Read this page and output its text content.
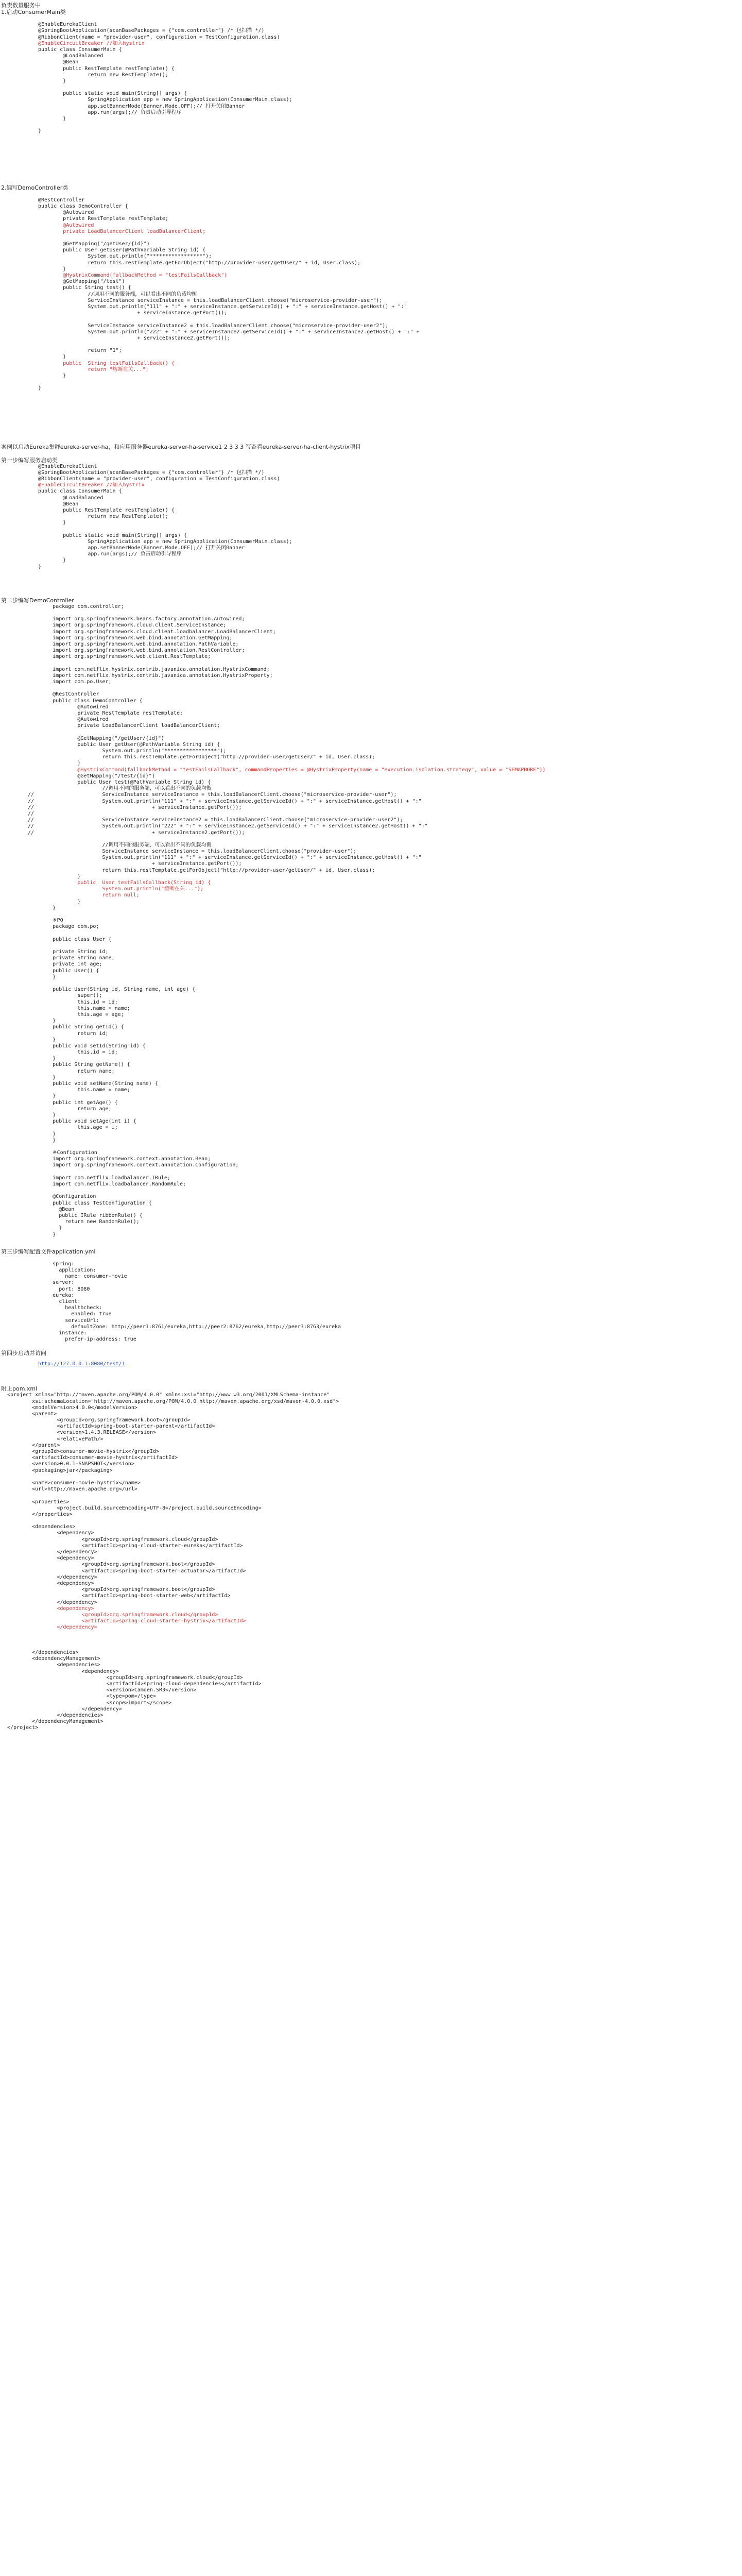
负责数量服务中
1.启动ConsumerMain类
@EnableEurekaClient
@SpringBootApplication(scanBasePackages = {"com.controller"} /* 包扫描 */)
@RibbonClient(name = "provider-user", configuration = TestConfiguration.class)
@EnableCircuitBreaker //加入hystrix
public class ConsumerMain {
@LoadBalanced
@Bean
public RestTemplate restTemplate() {
return new RestTemplate();
}
public static void main(String[] args) {
SpringApplication app = new SpringApplication(ConsumerMain.class);
app.setBannerMode(Banner.Mode.OFF);// 打开关闭Banner
app.run(args);// 负责启动引导程序
}
}
2.编写DemoController类
@RestController
public class DemoController {
@Autowired
private RestTemplate restTemplate;
@Autowired
private LoadBalancerClient loadBalancerClient;
@GetMapping("/getUser/{id}")
public User getUser(@PathVariable String id) {
System.out.println("*****************");
return this.restTemplate.getForObject("http://provider-user/getUser/" + id, User.class);
}
@HystrixCommand(fallbackMethod = "testFailsCallback")
@GetMapping("/test")
public String test() {
//调用不同的服务端，可以看出不同的负载均衡
ServiceInstance serviceInstance = this.loadBalancerClient.choose("microservice-provider-user");
System.out.println("111" + ":" + serviceInstance.getServiceId() + ":" + serviceInstance.getHost() + ":"
+ serviceInstance.getPort());
ServiceInstance serviceInstance2 = this.loadBalancerClient.choose("microservice-provider-user2");
System.out.println("222" + ":" + serviceInstance2.getServiceId() + ":" + serviceInstance2.getHost() + ":" +
+ serviceInstance2.getPort());
return "1";
}
public  String testFailsCallback() {
return "熔断在关...";
}
}
案例以启动Eureka集群eureka-server-ha，和应用服务器eureka-server-ha-service1 2 3 3 3 写查看eureka-server-ha-client-hystrix项目
第一步编写服务启动类
@EnableEurekaClient
@SpringBootApplication(scanBasePackages = {"com.controller"} /* 包扫描 */)
@RibbonClient(name = "provider-user", configuration = TestConfiguration.class)
@EnableCircuitBreaker //加入hystrix
public class ConsumerMain {
@LoadBalanced
@Bean
public RestTemplate restTemplate() {
return new RestTemplate();
}
public static void main(String[] args) {
SpringApplication app = new SpringApplication(ConsumerMain.class);
app.setBannerMode(Banner.Mode.OFF);// 打开关闭Banner
app.run(args);// 负责启动引导程序
}
}
第二步编写DemoController
package com.controller;
import org.springframework.beans.factory.annotation.Autowired;
import org.springframework.cloud.client.ServiceInstance;
import org.springframework.cloud.client.loadbalancer.LoadBalancerClient;
import org.springframework.web.bind.annotation.GetMapping;
import org.springframework.web.bind.annotation.PathVariable;
import org.springframework.web.bind.annotation.RestController;
import org.springframework.web.client.RestTemplate;
import com.netflix.hystrix.contrib.javanica.annotation.HystrixCommand;
import com.netflix.hystrix.contrib.javanica.annotation.HystrixProperty;
import com.po.User;
@RestController
public class DemoController {
@Autowired
private RestTemplate restTemplate;
@Autowired
private LoadBalancerClient loadBalancerClient;
@GetMapping("/getUser/{id}")
public User getUser(@PathVariable String id) {
System.out.println("*****************");
return this.restTemplate.getForObject("http://provider-user/getUser/" + id, User.class);
}
@HystrixCommand(fallbackMethod = "testFailsCallback", commandProperties = @HystrixProperty(name = "execution.isolation.strategy", value = "SEMAPHORE"))
@GetMapping("/test/{id}")
public User test(@PathVariable String id) {
//调用不同的服务端，可以看出不同的负载均衡
//                      ServiceInstance serviceInstance = this.loadBalancerClient.choose("microservice-provider-user");
//                      System.out.println("111" + ":" + serviceInstance.getServiceId() + ":" + serviceInstance.getHost() + ":"
//                                      + serviceInstance.getPort());
//
//                      ServiceInstance serviceInstance2 = this.loadBalancerClient.choose("microservice-provider-user2");
//                      System.out.println("222" + ":" + serviceInstance2.getServiceId() + ":" + serviceInstance2.getHost() + ":"
//                                      + serviceInstance2.getPort());
//调用不同的服务端，可以看出不同的负载均衡
ServiceInstance serviceInstance = this.loadBalancerClient.choose("provider-user");
System.out.println("111" + ":" + serviceInstance.getServiceId() + ":" + serviceInstance.getHost() + ":"
+ serviceInstance.getPort());
return this.restTemplate.getForObject("http://provider-user/getUser/" + id, User.class);
}
public  User testFailsCallback(String id) {
System.out.println("熔断在关...");
return null;
}
}
※PO
package com.po;
public class User {
private String id;
private String name;
private int age;
public User() {
}
public User(String id, String name, int age) {
super();
this.id = id;
this.name = name;
this.age = age;
}
public String getId() {
return id;
}
public void setId(String id) {
this.id = id;
}
public String getName() {
return name;
}
public void setName(String name) {
this.name = name;
}
public int getAge() {
return age;
}
public void setAge(int i) {
this.age = i;
}
}
※Configuration
import org.springframework.context.annotation.Bean;
import org.springframework.context.annotation.Configuration;
import com.netflix.loadbalancer.IRule;
import com.netflix.loadbalancer.RandomRule;
@Configuration
public class TestConfiguration {
@Bean
public IRule ribbonRule() {
return new RandomRule();
}
}
第三步编写配置文件application.yml
spring:
application:
name: consumer-movie
server:
port: 8080
eureka:
client:
healthcheck:
enabled: true
serviceUrl:
defaultZone: http://peer1:8761/eureka,http://peer2:8762/eureka,http://peer3:8763/eureka
instance:
prefer-ip-address: true
第四步启动并访问
http://127.0.0.1:8080/test/1
附上pom.xml
<project xmlns="http://maven.apache.org/POM/4.0.0" xmlns:xsi="http://www.w3.org/2001/XMLSchema-instance"
xsi:schemaLocation="http://maven.apache.org/POM/4.0.0 http://maven.apache.org/xsd/maven-4.0.0.xsd">
<modelVersion>4.0.0</modelVersion>
<parent>
<groupId>org.springframework.boot</groupId>
<artifactId>spring-boot-starter-parent</artifactId>
<version>1.4.3.RELEASE</version>
<relativePath/>
</parent>
<groupId>consumer-movie-hystrix</groupId>
<artifactId>consumer-movie-hystrix</artifactId>
<version>0.0.1-SNAPSHOT</version>
<packaging>jar</packaging>
<name>consumer-movie-hystrix</name>
<url>http://maven.apache.org</url>
<properties>
<project.build.sourceEncoding>UTF-8</project.build.sourceEncoding>
</properties>
<dependencies>
<dependency>
<groupId>org.springframework.cloud</groupId>
<artifactId>spring-cloud-starter-eureka</artifactId>
</dependency>
<dependency>
<groupId>org.springframework.boot</groupId>
<artifactId>spring-boot-starter-actuator</artifactId>
</dependency>
<dependency>
<groupId>org.springframework.boot</groupId>
<artifactId>spring-boot-starter-web</artifactId>
</dependency>
<dependency>
<groupId>org.springframework.cloud</groupId>
<artifactId>spring-cloud-starter-hystrix</artifactId>
</dependency>
</dependencies>
<dependencyManagement>
<dependencies>
<dependency>
<groupId>org.springframework.cloud</groupId>
<artifactId>spring-cloud-dependencies</artifactId>
<version>Camden.SR3</version>
<type>pom</type>
<scope>import</scope>
</dependency>
</dependencies>
</dependencyManagement>
</project>
